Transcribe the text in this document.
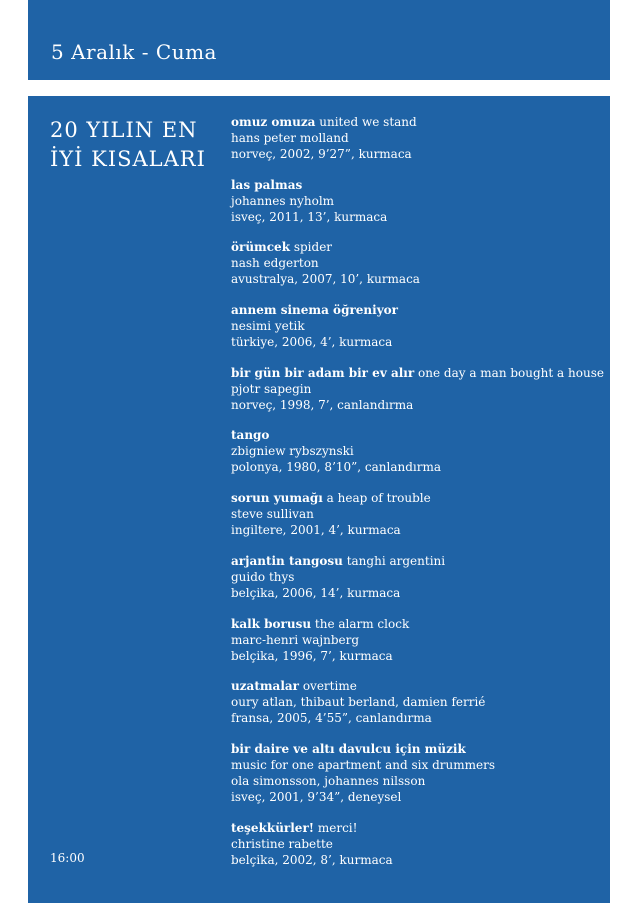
5 Aralık - Cuma
20 YILIN EN
İYİ KISALARI
16:00
omuz omuza united we stand
hans peter molland
norveç, 2002, 9’27”, kurmaca
las palmas
johannes nyholm
isveç, 2011, 13’, kurmaca
örümcek spider
nash edgerton
avustralya, 2007, 10’, kurmaca
annem sinema öğreniyor
nesimi yetik
türkiye, 2006, 4’, kurmaca
bir gün bir adam bir ev alır one day a man bought a house
pjotr sapegin
norveç, 1998, 7’, canlandırma
tango
zbigniew rybszynski
polonya, 1980, 8’10”, canlandırma
sorun yumağı a heap of trouble
steve sullivan
ingiltere, 2001, 4’, kurmaca
arjantin tangosu tanghi argentini
guido thys
belçika, 2006, 14’, kurmaca
kalk borusu the alarm clock
marc-henri wajnberg
belçika, 1996, 7’, kurmaca
uzatmalar overtime
oury atlan, thibaut berland, damien ferrié
fransa, 2005, 4’55”, canlandırma
bir daire ve altı davulcu için müzik
music for one apartment and six drummers
ola simonsson, johannes nilsson
isveç, 2001, 9’34”, deneysel
teşekkürler! merci!
christine rabette
belçika, 2002, 8’, kurmaca
